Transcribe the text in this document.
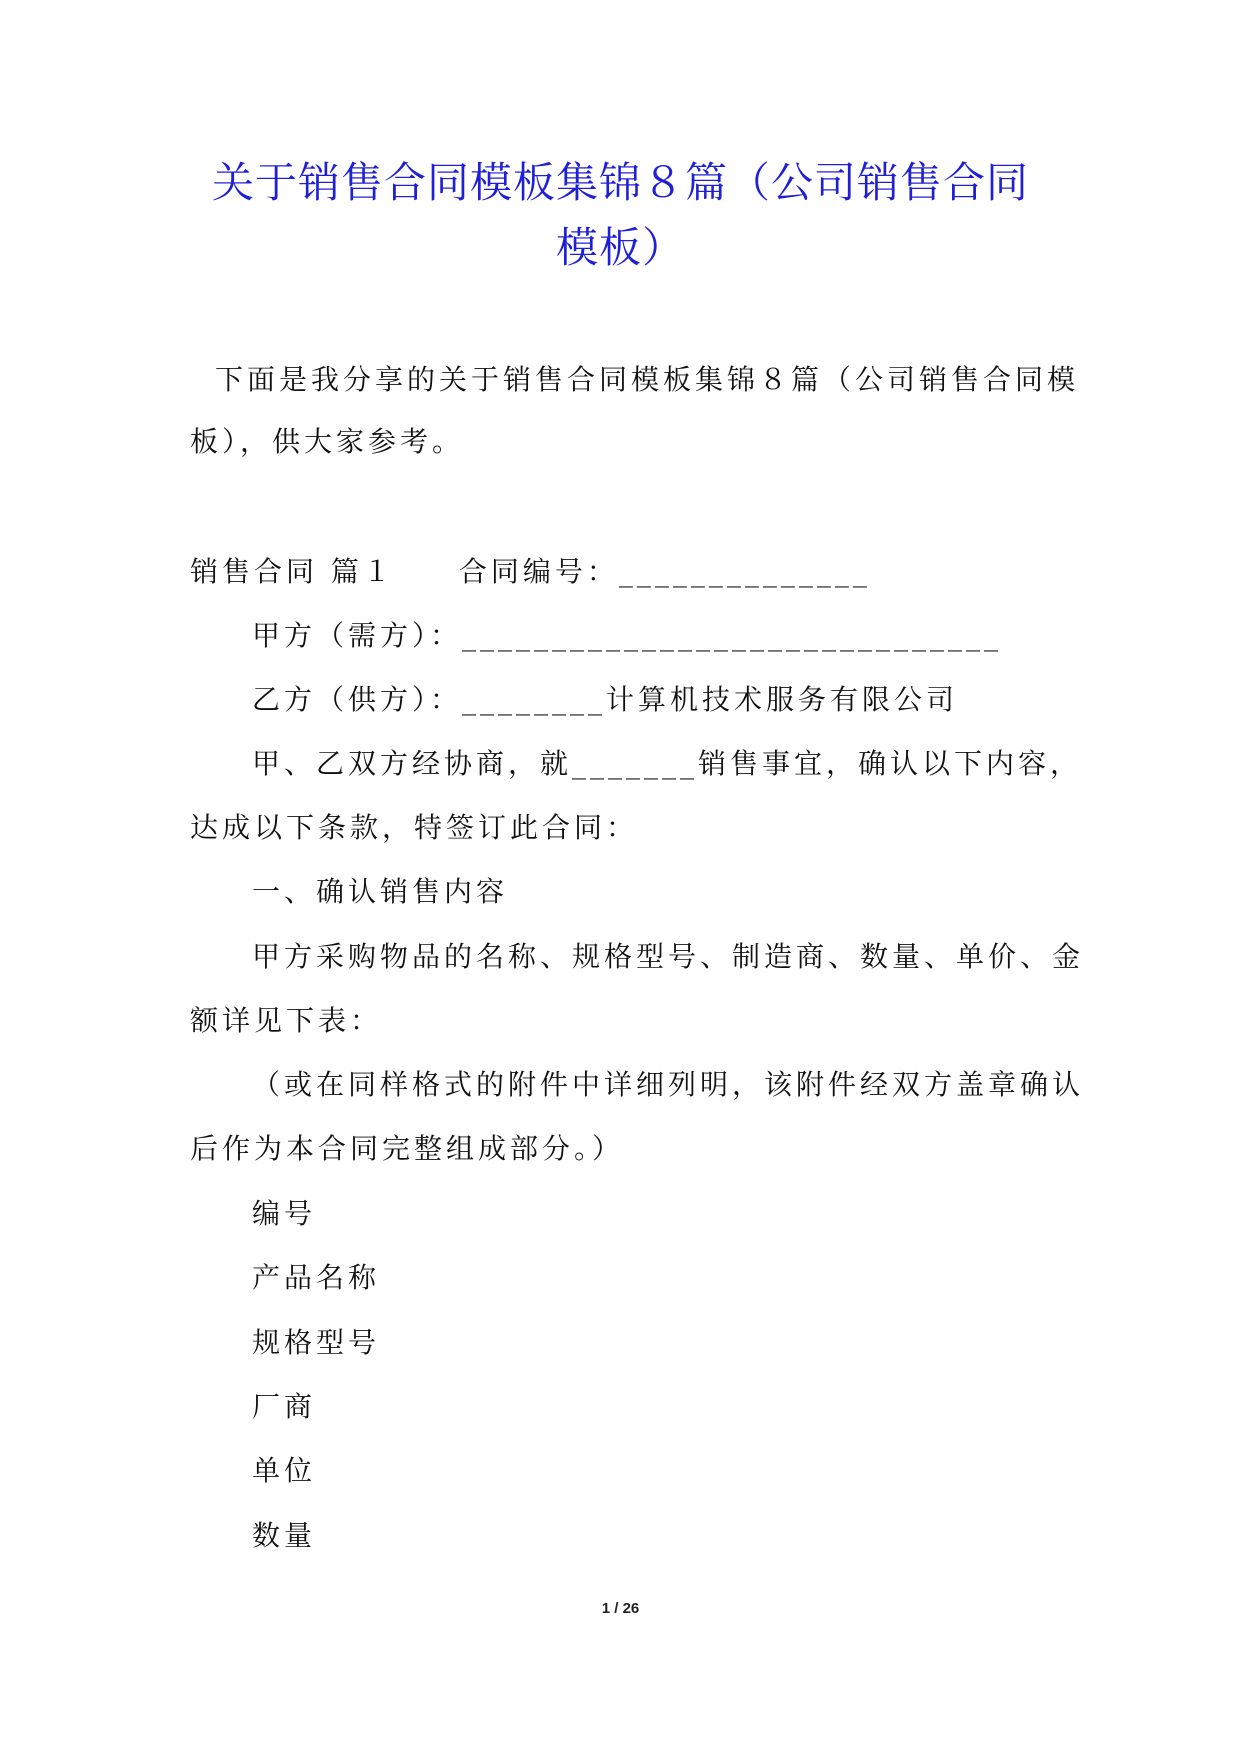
关于销售合同模板集锦８篇（公司销售合同
模板）
下面是我分享的关于销售合同模板集锦８篇（公司销售合同模
板），供大家参考。
销售合同 篇１　　合同编号：______________
甲方（需方）：______________________________
乙方（供方）：________计算机技术服务有限公司
甲、乙双方经协商，就_______销售事宜，确认以下内容，
达成以下条款，特签订此合同：
一、确认销售内容
甲方采购物品的名称、规格型号、制造商、数量、单价、金
额详见下表：
（或在同样格式的附件中详细列明，该附件经双方盖章确认
后作为本合同完整组成部分。）
编号
产品名称
规格型号
厂商
单位
数量
1 / 26
